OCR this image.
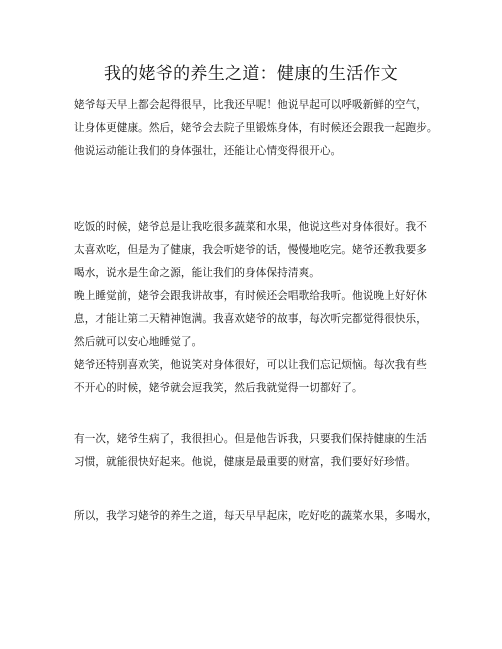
我的姥爷的养生之道：健康的生活作文

姥爷每天早上都会起得很早，比我还早呢！他说早起可以呼吸新鲜的空气，
让身体更健康。然后，姥爷会去院子里锻炼身体，有时候还会跟我一起跑步。
他说运动能让我们的身体强壮，还能让心情变得很开心。

吃饭的时候，姥爷总是让我吃很多蔬菜和水果，他说这些对身体很好。我不
太喜欢吃，但是为了健康，我会听姥爷的话，慢慢地吃完。姥爷还教我要多
喝水，说水是生命之源，能让我们的身体保持清爽。

晚上睡觉前，姥爷会跟我讲故事，有时候还会唱歌给我听。他说晚上好好休
息，才能让第二天精神饱满。我喜欢姥爷的故事，每次听完都觉得很快乐，
然后就可以安心地睡觉了。

姥爷还特别喜欢笑，他说笑对身体很好，可以让我们忘记烦恼。每次我有些
不开心的时候，姥爷就会逗我笑，然后我就觉得一切都好了。

有一次，姥爷生病了，我很担心。但是他告诉我，只要我们保持健康的生活
习惯，就能很快好起来。他说，健康是最重要的财富，我们要好好珍惜。

所以，我学习姥爷的养生之道，每天早早起床，吃好吃的蔬菜水果，多喝水，
